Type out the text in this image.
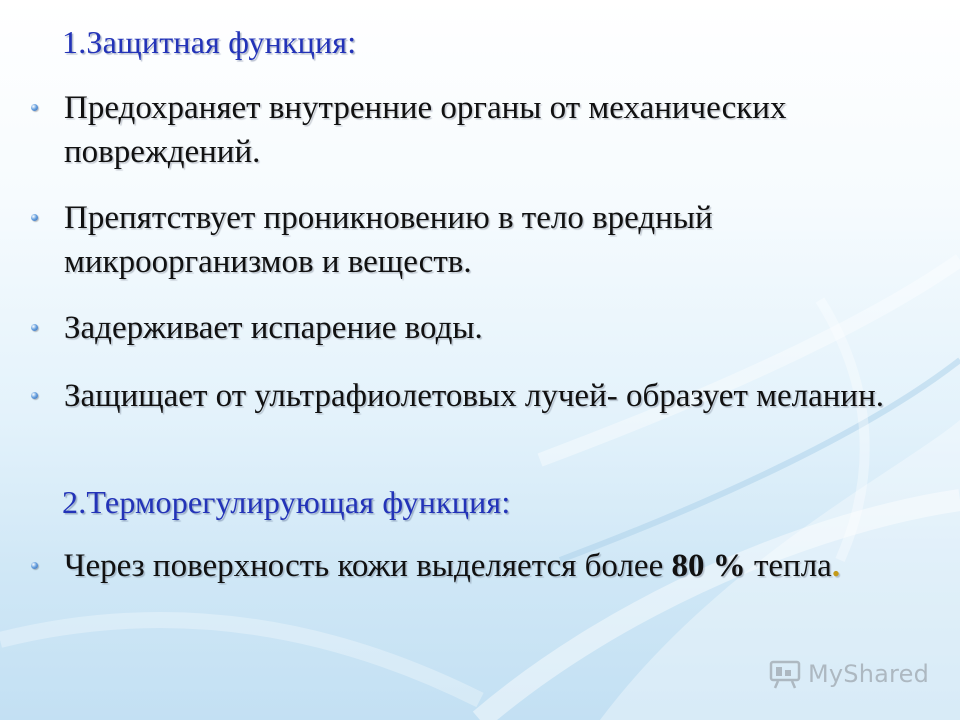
1.Защитная функция:
Предохраняет внутренние органы от механических повреждений.
Препятствует проникновению в тело вредный микроорганизмов и веществ.
Задерживает испарение воды.
Защищает от ультрафиолетовых лучей- образует меланин.
2.Терморегулирующая функция:
Через поверхность кожи выделяется более 80 % тепла.
MyShared
